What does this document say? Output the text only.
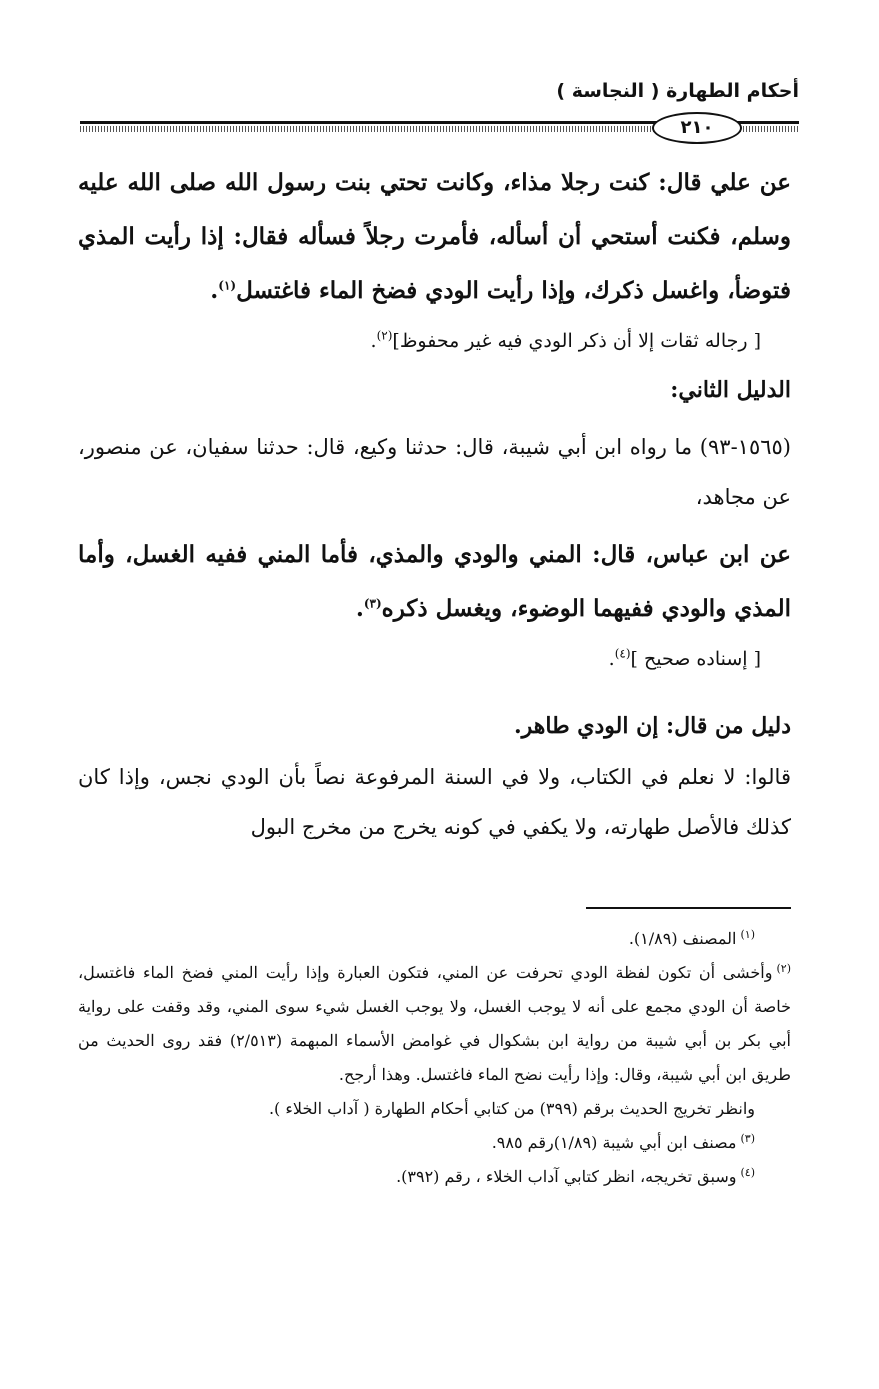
أحكام الطهارة ( النجاسة )
٢١٠

عن علي قال: كنت رجلا مذاء، وكانت تحتي بنت رسول الله صلى الله عليه وسلم، فكنت أستحي أن أسأله، فأمرت رجلاً فسأله فقال: إذا رأيت المذي فتوضأ، واغسل ذكرك، وإذا رأيت الودي فضخ الماء فاغتسل$^{(١)}$.

[ رجاله ثقات إلا أن ذكر الودي فيه غير محفوظ]$^{(٢)}$.

الدليل الثاني:

(١٥٦٥-٩٣) ما رواه ابن أبي شيبة، قال: حدثنا وكيع، قال: حدثنا سفيان، عن منصور، عن مجاهد،

عن ابن عباس، قال: المني والودي والمذي، فأما المني ففيه الغسل، وأما المذي والودي ففيهما الوضوء، ويغسل ذكره$^{(٣)}$.

[ إسناده صحيح ]$^{(٤)}$.

دليل من قال: إن الودي طاهر.

قالوا: لا نعلم في الكتاب، ولا في السنة المرفوعة نصاً بأن الودي نجس، وإذا كان كذلك فالأصل طهارته، ولا يكفي في كونه يخرج من مخرج البول

$^{(١)}$المصنف (١/٨٩).

$^{(٢)}$وأخشى أن تكون لفظة الودي تحرفت عن المني، فتكون العبارة وإذا رأيت المني فضخ الماء فاغتسل، خاصة أن الودي مجمع على أنه لا يوجب الغسل، ولا يوجب الغسل شيء سوى المني، وقد وقفت على رواية أبي بكر بن أبي شيبة من رواية ابن بشكوال في غوامض الأسماء المبهمة (٢/٥١٣) فقد روى الحديث من طريق ابن أبي شيبة، وقال: وإذا رأيت نضح الماء فاغتسل. وهذا أرجح.

وانظر تخريج الحديث برقم (٣٩٩) من كتابي أحكام الطهارة ( آداب الخلاء ).

$^{(٣)}$مصنف ابن أبي شيبة (١/٨٩)رقم ٩٨٥.

$^{(٤)}$وسبق تخريجه، انظر كتابي آداب الخلاء ، رقم (٣٩٢).
